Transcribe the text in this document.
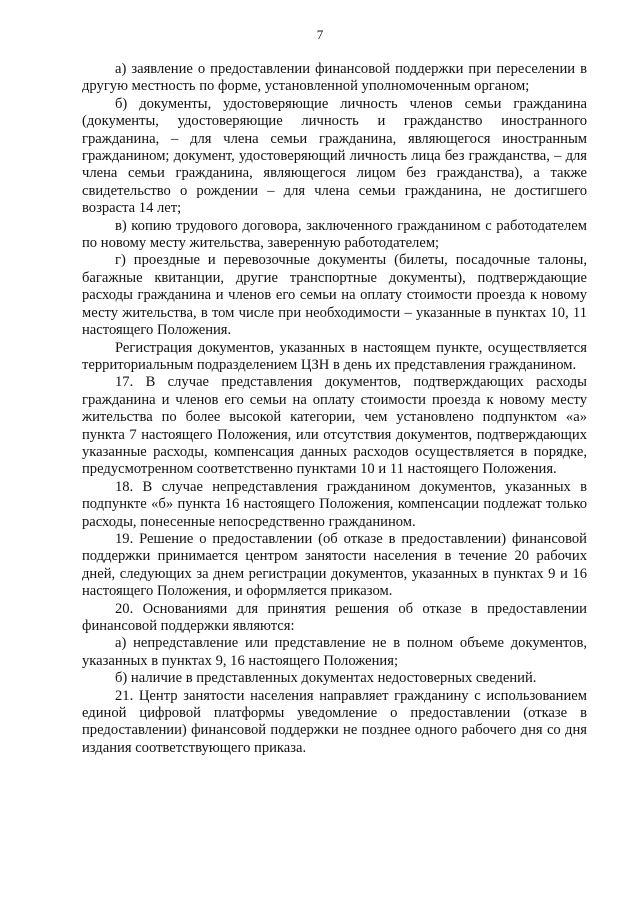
7

а) заявление о предоставлении финансовой поддержки при переселении в другую местность по форме, установленной уполномоченным органом;

б) документы, удостоверяющие личность членов семьи гражданина (документы, удостоверяющие личность и гражданство иностранного гражданина, – для члена семьи гражданина, являющегося иностранным гражданином; документ, удостоверяющий личность лица без гражданства, – для члена семьи гражданина, являющегося лицом без гражданства), а также свидетельство о рождении – для члена семьи гражданина, не достигшего возраста 14 лет;

в) копию трудового договора, заключенного гражданином с работодателем по новому месту жительства, заверенную работодателем;

г) проездные и перевозочные документы (билеты, посадочные талоны, багажные квитанции, другие транспортные документы), подтверждающие расходы гражданина и членов его семьи на оплату стоимости проезда к новому месту жительства, в том числе при необходимости – указанные в пунктах 10, 11 настоящего Положения.

Регистрация документов, указанных в настоящем пункте, осуществляется территориальным подразделением ЦЗН в день их представления гражданином.

17. В случае представления документов, подтверждающих расходы гражданина и членов его семьи на оплату стоимости проезда к новому месту жительства по более высокой категории, чем установлено подпунктом «а» пункта 7 настоящего Положения, или отсутствия документов, подтверждающих указанные расходы, компенсация данных расходов осуществляется в порядке, предусмотренном соответственно пунктами 10 и 11 настоящего Положения.

18. В случае непредставления гражданином документов, указанных в подпункте «б» пункта 16 настоящего Положения, компенсации подлежат только расходы, понесенные непосредственно гражданином.

19. Решение о предоставлении (об отказе в предоставлении) финансовой поддержки принимается центром занятости населения в течение 20 рабочих дней, следующих за днем регистрации документов, указанных в пунктах 9 и 16 настоящего Положения, и оформляется приказом.

20. Основаниями для принятия решения об отказе в предоставлении финансовой поддержки являются:

а) непредставление или представление не в полном объеме документов, указанных в пунктах 9, 16 настоящего Положения;

б) наличие в представленных документах недостоверных сведений.

21. Центр занятости населения направляет гражданину с использованием единой цифровой платформы уведомление о предоставлении (отказе в предоставлении) финансовой поддержки не позднее одного рабочего дня со дня издания соответствующего приказа.
